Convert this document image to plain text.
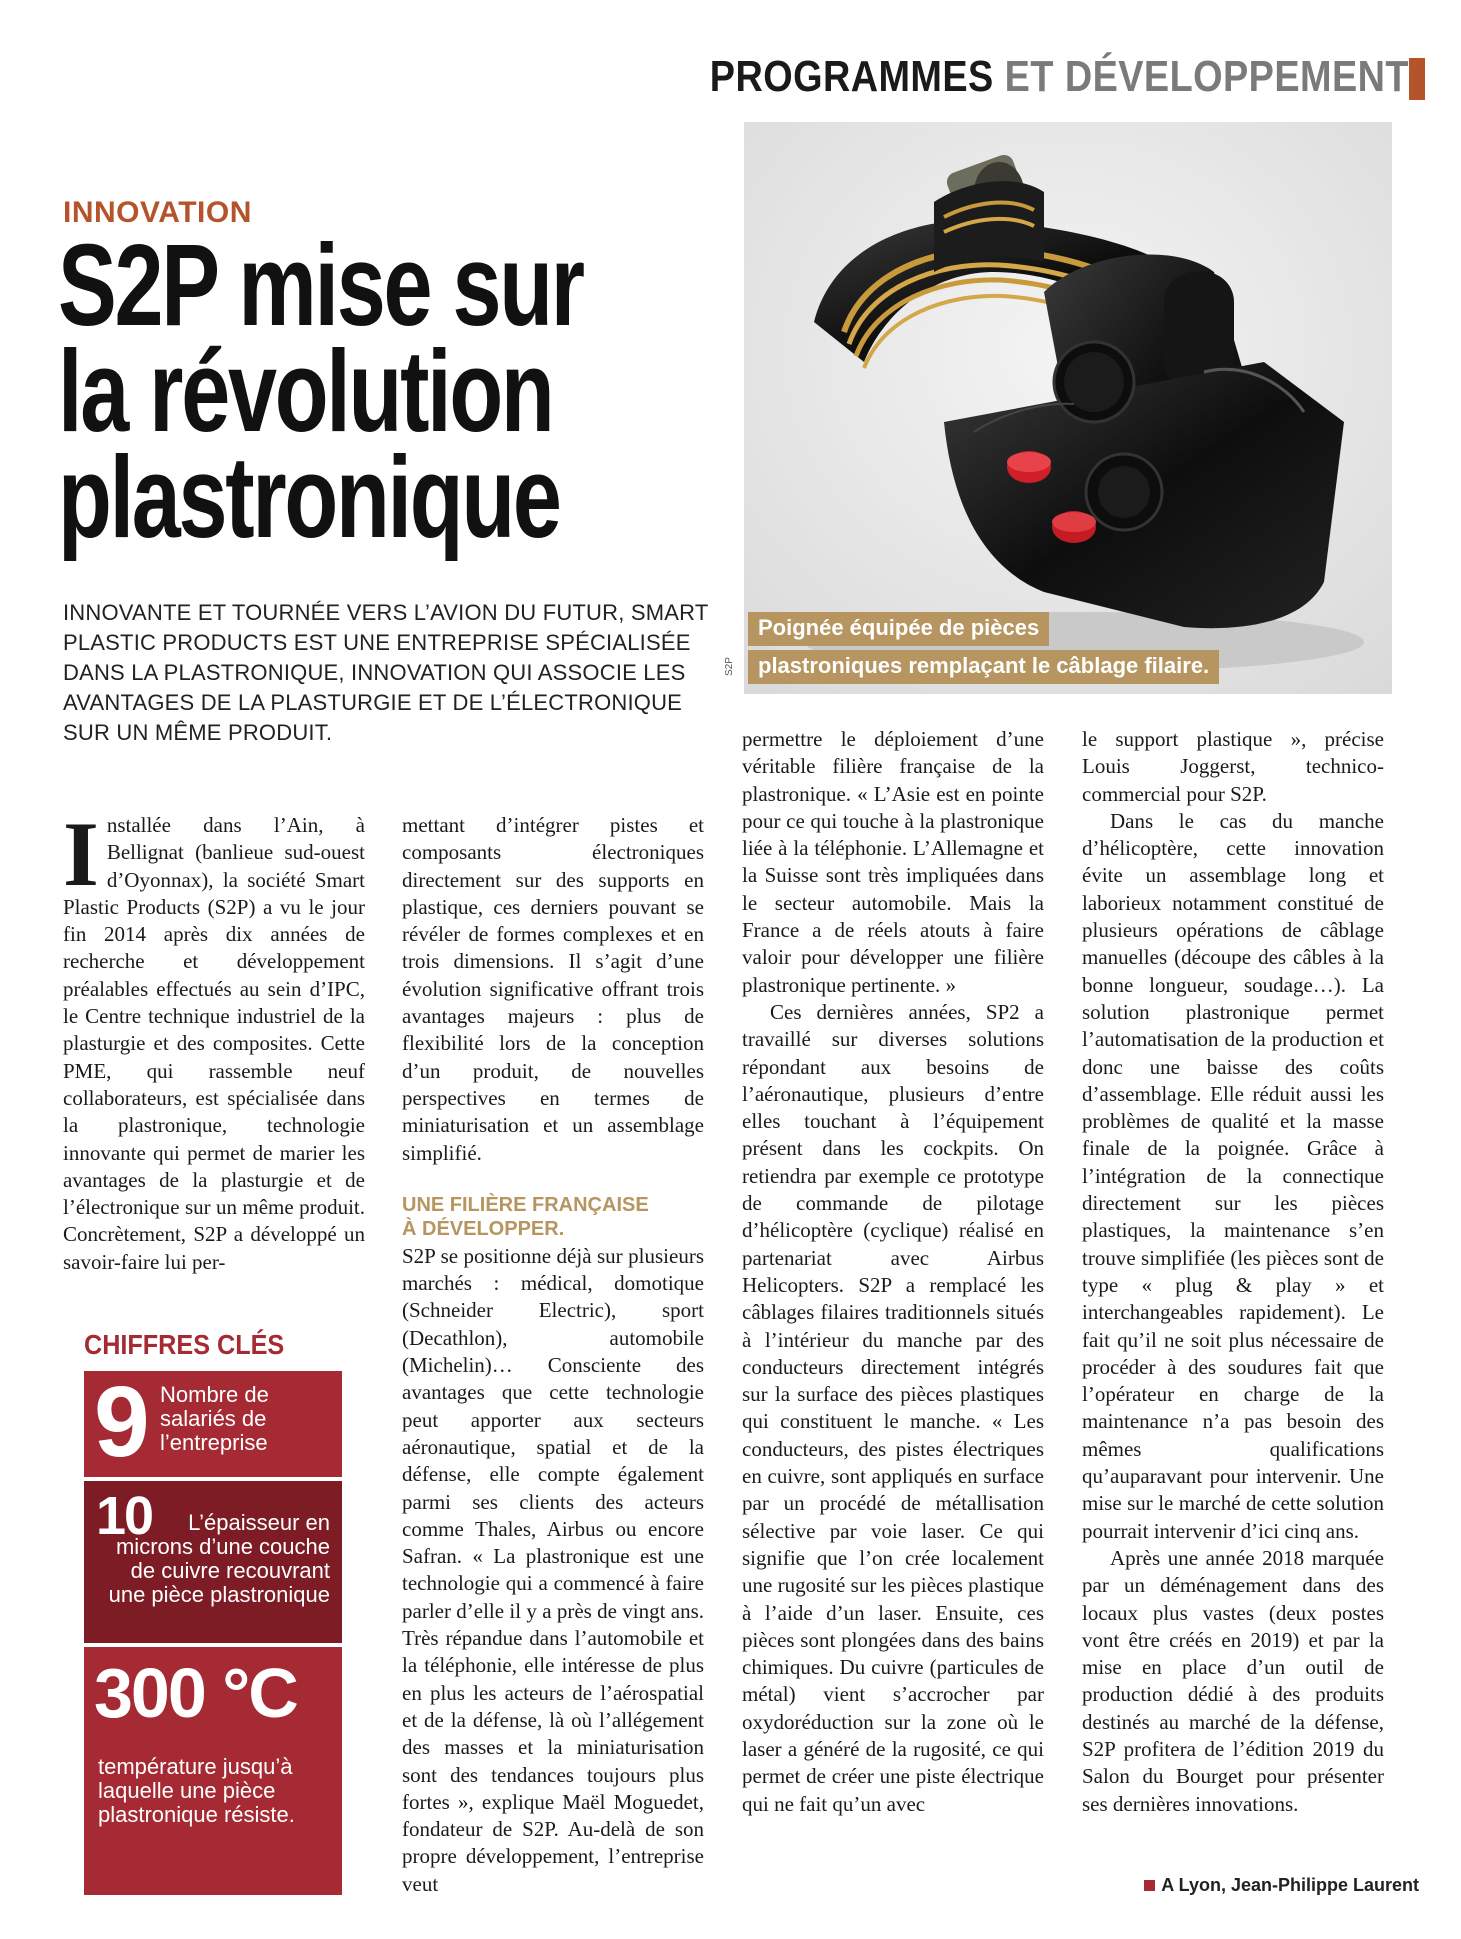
PROGRAMMES ET DÉVELOPPEMENT
INNOVATION
S2P mise sur
la révolution
plastronique
Poignée équipée de pièces
plastroniques remplaçant le câblage filaire.
S2P
INNOVANTE ET TOURNÉE VERS L’AVION DU FUTUR, SMART PLASTIC PRODUCTS EST UNE ENTREPRISE SPÉCIALISÉE DANS LA PLASTRONIQUE, INNOVATION QUI ASSOCIE LES AVANTAGES DE LA PLASTURGIE ET DE L’ÉLECTRONIQUE SUR UN MÊME PRODUIT.

Installée dans l’Ain, à Bellignat (banlieue sud-ouest d’Oyonnax), la société Smart Plastic Products (S2P) a vu le jour fin 2014 après dix années de recherche et développement préalables effectués au sein d’IPC, le Centre technique industriel de la plasturgie et des composites. Cette PME, qui rassemble neuf collaborateurs, est spécialisée dans la plastronique, technologie innovante qui permet de marier les avantages de la plasturgie et de l’électronique sur un même produit. Concrètement, S2P a développé un savoir-faire lui per-

CHIFFRES CLÉS
9 Nombre de salariés de l’entreprise
10	L’épaisseur en microns d’une couche de cuivre recouvrant une pièce plastronique
300 °C
température jusqu’à laquelle une pièce plastronique résiste.

mettant d’intégrer pistes et composants électroniques directement sur des supports en plastique, ces derniers pouvant se révéler de formes complexes et en trois dimensions. Il s’agit d’une évolution significative offrant trois avantages majeurs : plus de flexibilité lors de la conception d’un produit, de nouvelles perspectives en termes de miniaturisation et un assemblage simplifié.

UNE FILIÈRE FRANÇAISE
À DÉVELOPPER.

S2P se positionne déjà sur plusieurs marchés : médical, domotique (Schneider Electric), sport (Decathlon), automobile (Michelin)… Consciente des avantages que cette technologie peut apporter aux secteurs aéronautique, spatial et de la défense, elle compte également parmi ses clients des acteurs comme Thales, Airbus ou encore Safran. « La plastronique est une technologie qui a commencé à faire parler d’elle il y a près de vingt ans. Très répandue dans l’automobile et la téléphonie, elle intéresse de plus en plus les acteurs de l’aérospatial et de la défense, là où l’allégement des masses et la miniaturisation sont des tendances toujours plus fortes », explique Maël Moguedet, fondateur de S2P. Au-delà de son propre développement, l’entreprise veut

permettre le déploiement d’une véritable filière française de la plastronique. « L’Asie est en pointe pour ce qui touche à la plastronique liée à la téléphonie. L’Allemagne et la Suisse sont très impliquées dans le secteur automobile. Mais la France a de réels atouts à faire valoir pour développer une filière plastronique pertinente. »

Ces dernières années, SP2 a travaillé sur diverses solutions répondant aux besoins de l’aéronautique, plusieurs d’entre elles touchant à l’équipement présent dans les cockpits. On retiendra par exemple ce prototype de commande de pilotage d’hélicoptère (cyclique) réalisé en partenariat avec Airbus Helicopters. S2P a remplacé les câblages filaires traditionnels situés à l’intérieur du manche par des conducteurs directement intégrés sur la surface des pièces plastiques qui constituent le manche. « Les conducteurs, des pistes électriques en cuivre, sont appliqués en surface par un procédé de métallisation sélective par voie laser. Ce qui signifie que l’on crée localement une rugosité sur les pièces plastique à l’aide d’un laser. Ensuite, ces pièces sont plongées dans des bains chimiques. Du cuivre (particules de métal) vient s’accrocher par oxydoréduction sur la zone où le laser a généré de la rugosité, ce qui permet de créer une piste électrique qui ne fait qu’un avec

le support plastique », précise Louis Joggerst, technico-commercial pour S2P.

Dans le cas du manche d’hélicoptère, cette innovation évite un assemblage long et laborieux notamment constitué de plusieurs opérations de câblage manuelles (découpe des câbles à la bonne longueur, soudage…). La solution plastronique permet l’automatisation de la production et donc une baisse des coûts d’assemblage. Elle réduit aussi les problèmes de qualité et la masse finale de la poignée. Grâce à l’intégration de la connectique directement sur les pièces plastiques, la maintenance s’en trouve simplifiée (les pièces sont de type « plug & play » et interchangeables rapidement). Le fait qu’il ne soit plus nécessaire de procéder à des soudures fait que l’opérateur en charge de la maintenance n’a pas besoin des mêmes qualifications qu’auparavant pour intervenir. Une mise sur le marché de cette solution pourrait intervenir d’ici cinq ans.

Après une année 2018 marquée par un déménagement dans des locaux plus vastes (deux postes vont être créés en 2019) et par la mise en place d’un outil de production dédié à des produits destinés au marché de la défense, S2P profitera de l’édition 2019 du Salon du Bourget pour présenter ses dernières innovations.

A Lyon, Jean-Philippe Laurent
